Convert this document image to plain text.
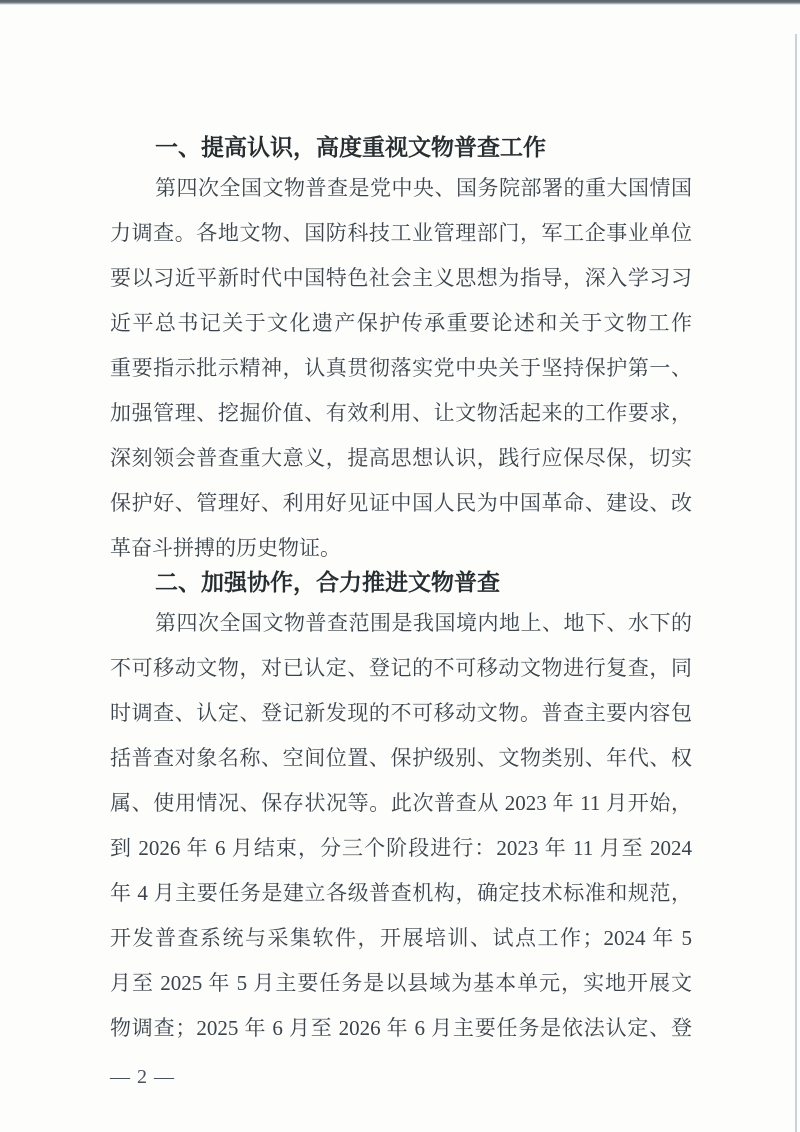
一、提高认识，高度重视文物普查工作
第四次全国文物普查是党中央、国务院部署的重大国情国
力调查。各地文物、国防科技工业管理部门，军工企事业单位
要以习近平新时代中国特色社会主义思想为指导，深入学习习
近平总书记关于文化遗产保护传承重要论述和关于文物工作
重要指示批示精神，认真贯彻落实党中央关于坚持保护第一、
加强管理、挖掘价值、有效利用、让文物活起来的工作要求，
深刻领会普查重大意义，提高思想认识，践行应保尽保，切实
保护好、管理好、利用好见证中国人民为中国革命、建设、改
革奋斗拼搏的历史物证。
二、加强协作，合力推进文物普查
第四次全国文物普查范围是我国境内地上、地下、水下的
不可移动文物，对已认定、登记的不可移动文物进行复查，同
时调查、认定、登记新发现的不可移动文物。普查主要内容包
括普查对象名称、空间位置、保护级别、文物类别、年代、权
属、使用情况、保存状况等。此次普查从 2023 年 11 月开始，
到 2026 年 6 月结束，分三个阶段进行：2023 年 11 月至 2024
年 4 月主要任务是建立各级普查机构，确定技术标准和规范，
开发普查系统与采集软件，开展培训、试点工作；2024 年 5
月至 2025 年 5 月主要任务是以县域为基本单元，实地开展文
物调查；2025 年 6 月至 2026 年 6 月主要任务是依法认定、登
— 2 —
